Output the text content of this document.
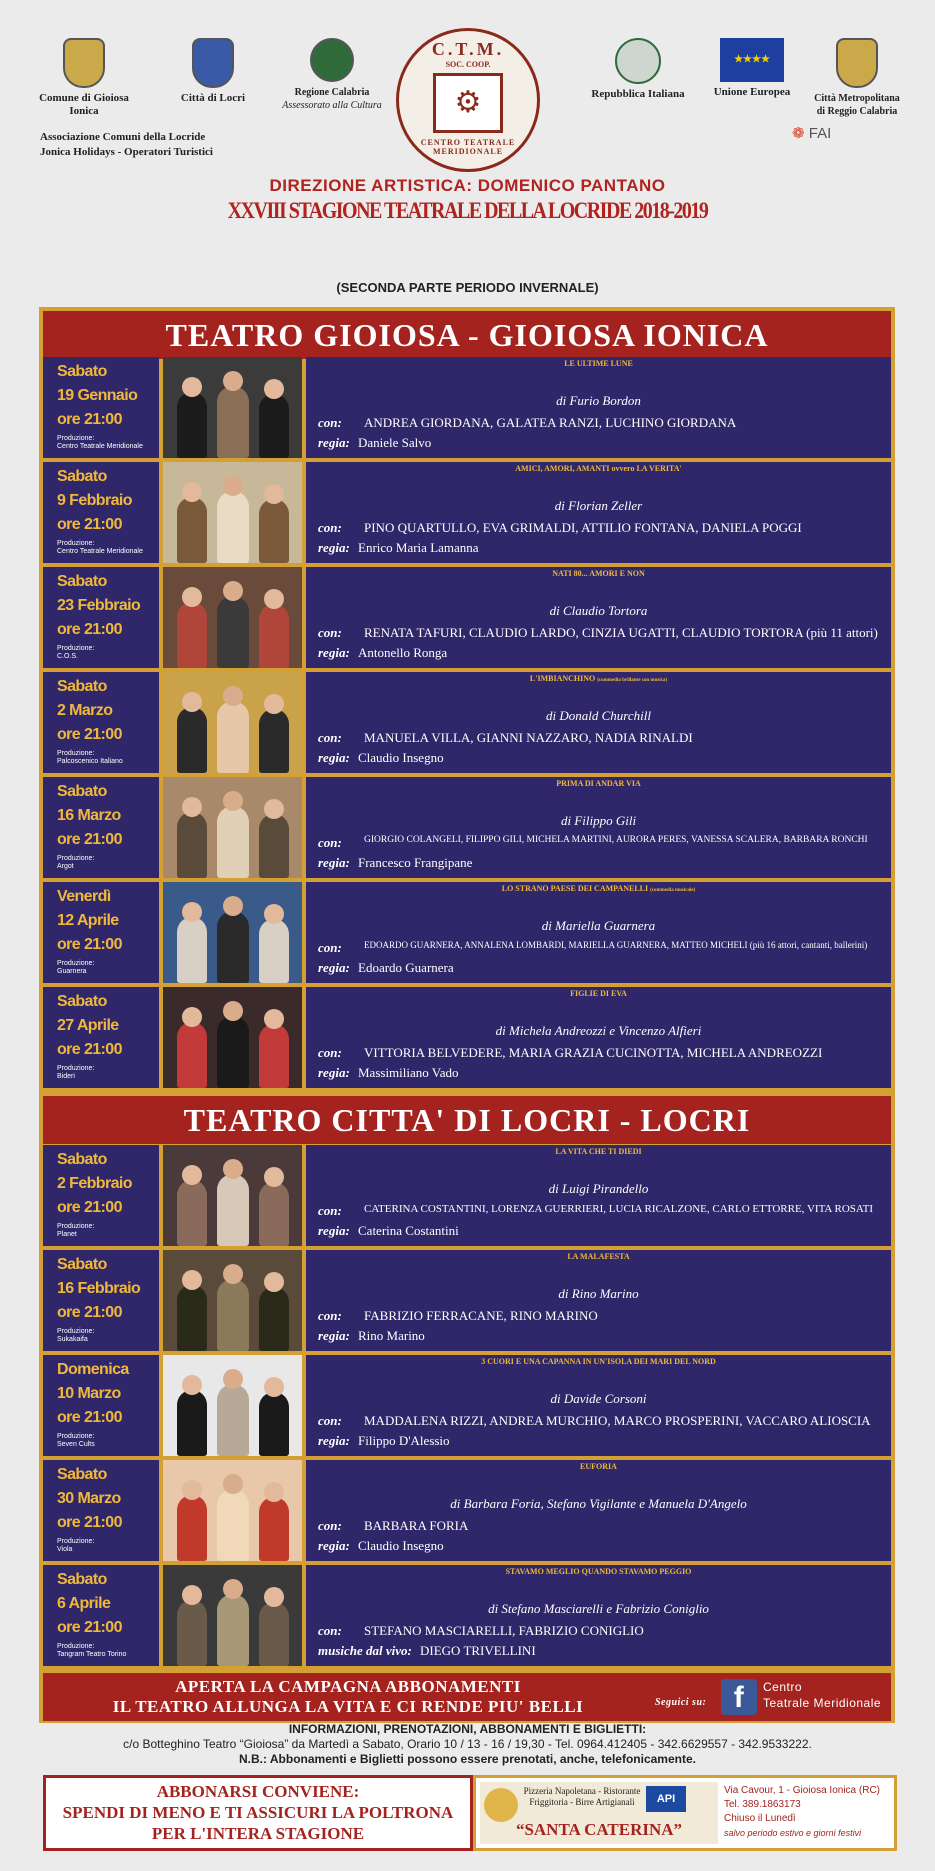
Comune di Gioiosa Ionica
Città di Locri	Regione Calabria
Assessorato alla Cultura
C.T.M.
SOC. COOP.
⚙
CENTRO TEATRALE MERIDIONALE
Repubblica Italiana
★★★★
Unione Europea
Città Metropolitana di Reggio Calabria
❁ FAI
Associazione Comuni della Locride
Jonica Holidays - Operatori Turistici
DIREZIONE ARTISTICA: DOMENICO PANTANO
XXVIII STAGIONE TEATRALE DELLA LOCRIDE 2018-2019
(SECONDA PARTE PERIODO INVERNALE)
TEATRO GIOIOSA - GIOIOSA IONICA
Sabato
19 Gennaio
ore 21:00
Produzione:
Centro Teatrale Meridionale
LE ULTIME LUNE
di Furio Bordon
con: ANDREA GIORDANA, GALATEA RANZI, LUCHINO GIORDANA
regia: Daniele Salvo
Sabato
9 Febbraio
ore 21:00
Produzione:
Centro Teatrale Meridionale
AMICI, AMORI, AMANTI ovvero LA VERITA'
di Florian Zeller
con: PINO QUARTULLO, EVA GRIMALDI, ATTILIO FONTANA, DANIELA POGGI
regia: Enrico Maria Lamanna
Sabato
23 Febbraio
ore 21:00
Produzione:
C.O.S.
NATI 80... AMORI E NON
di Claudio Tortora
con: RENATA TAFURI, CLAUDIO LARDO, CINZIA UGATTI, CLAUDIO TORTORA (più 11 attori)
regia: Antonello Ronga
Sabato
2 Marzo
ore 21:00
Produzione:
Palcoscenico Italiano
L'IMBIANCHINO (commedia brillante con musica)
di Donald Churchill
con: MANUELA VILLA, GIANNI NAZZARO, NADIA RINALDI
regia: Claudio Insegno
Sabato
16 Marzo
ore 21:00
Produzione:
Argot
PRIMA DI ANDAR VIA
di Filippo Gili
con: GIORGIO COLANGELI, FILIPPO GILI, MICHELA MARTINI, AURORA PERES, VANESSA SCALERA, BARBARA RONCHI
regia: Francesco Frangipane
Venerdì
12 Aprile
ore 21:00
Produzione:
Guarnera
LO STRANO PAESE DEI CAMPANELLI (commedia musicale)
di Mariella Guarnera
con: EDOARDO GUARNERA, ANNALENA LOMBARDI, MARIELLA GUARNERA, MATTEO MICHELI (più 16 attori, cantanti, ballerini)
regia: Edoardo Guarnera
Sabato
27 Aprile
ore 21:00
Produzione:
Bideri
FIGLIE DI EVA
di Michela Andreozzi e Vincenzo Alfieri
con: VITTORIA BELVEDERE, MARIA GRAZIA CUCINOTTA, MICHELA ANDREOZZI
regia: Massimiliano Vado
TEATRO CITTA' DI LOCRI - LOCRI
Sabato
2 Febbraio
ore 21:00
Produzione:
Planet
LA VITA CHE TI DIEDI
di Luigi Pirandello
con: CATERINA COSTANTINI, LORENZA GUERRIERI, LUCIA RICALZONE, CARLO ETTORRE, VITA ROSATI
regia: Caterina Costantini
Sabato
16 Febbraio
ore 21:00
Produzione:
Sukakaifa
LA MALAFESTA
di Rino Marino
con: FABRIZIO FERRACANE, RINO MARINO
regia: Rino Marino
Domenica
10 Marzo
ore 21:00
Produzione:
Seven Cults
3 CUORI E UNA CAPANNA IN UN'ISOLA DEI MARI DEL NORD
di Davide Corsoni
con: MADDALENA RIZZI, ANDREA MURCHIO, MARCO PROSPERINI, VACCARO ALIOSCIA
regia: Filippo D'Alessio
Sabato
30 Marzo
ore 21:00
Produzione:
Viola
EUFORIA
di Barbara Foria, Stefano Vigilante e Manuela D'Angelo
con: BARBARA FORIA
regia: Claudio Insegno
Sabato
6 Aprile
ore 21:00
Produzione:
Tangram Teatro Torino
STAVAMO MEGLIO QUANDO STAVAMO PEGGIO
di Stefano Masciarelli e Fabrizio Coniglio
con: STEFANO MASCIARELLI, FABRIZIO CONIGLIO
musiche dal vivo: DIEGO TRIVELLINI
APERTA LA CAMPAGNA ABBONAMENTI
IL TEATRO ALLUNGA LA VITA E CI RENDE PIU' BELLI	Seguici su: f	Centro
Teatrale Meridionale
INFORMAZIONI, PRENOTAZIONI, ABBONAMENTI E BIGLIETTI:
c/o Botteghino Teatro “Gioiosa” da Martedì a Sabato, Orario 10 / 13 - 16 / 19,30 - Tel. 0964.412405 - 342.6629557 - 342.9533222.
N.B.: Abbonamenti e Biglietti possono essere prenotati, anche, telefonicamente.
ABBONARSI CONVIENE:
SPENDI DI MENO E TI ASSICURI LA POLTRONA
PER L'INTERA STAGIONE
Pizzeria Napoletana - Ristorante
Friggitoria - Birre Artigianali	API
“SANTA CATERINA”
Via Cavour, 1 - Gioiosa Ionica (RC)
Tel. 389.1863173
Chiuso il Lunedì
salvo periodo estivo e giorni festivi
